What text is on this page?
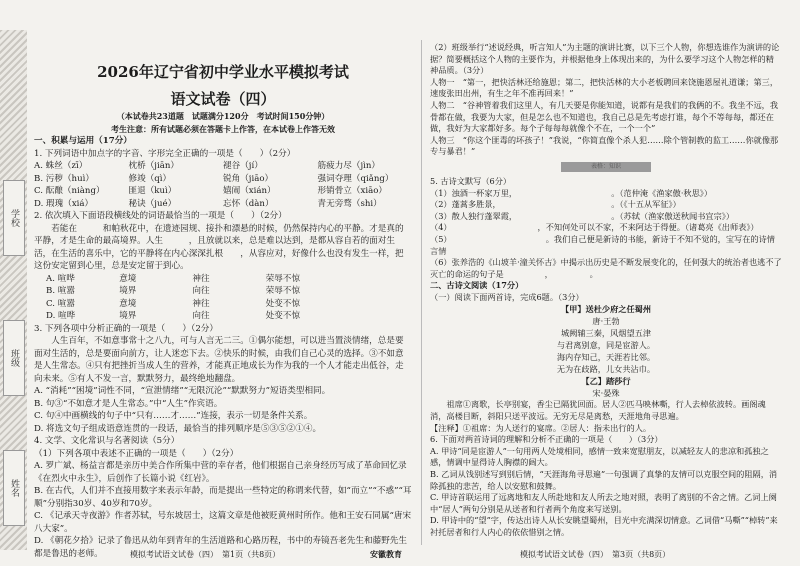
学校
班级
姓名
2026年辽宁省初中学业水平模拟考试
语文试卷（四）

（本试卷共23道题　试题满分120分　考试时间150分钟）

考生注意：所有试题必须在答题卡上作答，在本试卷上作答无效

一、积累与运用（17分）

1. 下列词语中加点字的字音、字形完全正确的一项是（　　）（2分）

A. 蛛丝（zī）	枕桥（jiān）	褪谷（jí）	筋疲力尽（jìn）
B. 污秽（huì）	修竣（qì）	锐角（jiāo）	强词夺理（qiǎng）
C. 酝酿（niàng）	匪退（kuì）	嬉闹（xián）	形销骨立（xiāo）
D. 瑕瑰（xiá）	秘诀（jué）	忘怀（dàn）	青无旁骛（shi）

2. 依次填入下面语段横线处的词语最恰当的一项是（　　）（2分）

若能在　　　和帕秋花中，在遗迹园规、接扑和漂悬的时候，仍然保持内心的平静。才是真的平静，才是生命的最高境界。人生　　　，且放就以来，总是难以达到，是都从容自若的面对生活，在生活的喜乐中，它的平静将在内心深深扎根　　，从容应对，好像什么也没有发生一样，把这份安定留到心里，总是安定留于到心。

A. 喧哗	意境	神往	荣辱不惊
B. 喧嚣	境界	向往	荣辱不惊
C. 喧嚣	意境	神往	处变不惊
D. 喧哗	境界	向往	处变不惊

3. 下列各项中分析正确的一项是（　　）（2分）

人生百年，不如意事常十之八九，可与人言无二三。①偶尔能想，可以进当置淡情绪，总是要面对生活的，总是要面向前方，让人迷恋下去。②快乐的时候，由我们自己心灵的选择。③不如意是人生常态。④只有把挫折当成人生的营养，才能真正地成长为作为我的一个人才能走出低谷，走向未来。⑤有人不发一言，默默努力，最终绝地翻盘。

A. “消耗”“困境”词性不同，“宣泄情绪”“无限沉沦”“默默努力”短语类型相同。

B. 句③“不如意才是人生常态。”中“人生”作宾语。

C. 句④中画横线的句子中“只有……才……”连接，表示一切是条件关系。

D. 将选文句子组成语意连贯的一段话，最恰当的排列顺序是⑤③⑤②①④。

4. 文学、文化常识与名著阅读（5分）

（1）下列各项中表述不正确的一项是（　　）（2分）

A. 罗广斌、杨益言都是亲历中美合作所集中营的幸存者，他们根据自己亲身经历写成了革命回忆录《在烈火中永生》，后创作了长篇小说《红岩》。

B. 在古代，人们并不直接用数字来表示年龄，而是提出一些特定的称谓来代替，如“而立”“不惑”“耳顺”分别指30岁、40岁和70岁。

C. 《记承天寺夜游》作者苏轼，号东坡居士，这篇文章是他被贬黄州时所作。他和王安石同属“唐宋八大家”。

D. 《朝花夕拾》记录了鲁迅从幼年到青年的生活道路和心路历程，书中的寿镜吾老先生和藤野先生都是鲁迅的老师。

（2）班级举行“述说经典，听言知人”为主题的演讲比赛，以下三个人物，你想选谁作为演讲的论据？简要概括这个人物的主要作为，并根据他身上体现出来的，为什么要学习这个人物怎样的精神品质。（3分）

人物一　“第一，把快活林还给施恩；第二，把快活林的大小老板聘回来饶施恩屋礼道谦；第三，速废张田出州，有生之年不准再回来！”

人物二　“谷神管着我们这里人，有几天要是你能知道，说都有是我们的我俩的不。我坐不远，我骨都在做，我要为大家，但是怎么也不知道也，我自己总是先考虑打谁，每个不等每每，都还在做，我好为大家都好多。每个子每每每就像个不在，一个一个”

人物三　“你这个匪毒的坏孩子！”我说，“你简直像个杀人犯……除个管制教的监工……你就像那专与暴君！”

表格：知识

5. 古诗文默写（6分）

（1）浊酒一杯家万里，　　　　　　　　　　　　。（范仲淹《渔家傲·秋思》）

（2）蓬蒿多胜景，　　　　　　　　　　　　　　。（《十五从军征》）

（3）散人独行蓬翠霞，　　　　　　　　　　　　。（苏轼（渔家傲送秋闻书宜宗》）

（4）　　　　　　　　　　　，不知何处可以不家，不来阿达于得便。（诸葛亮《出师表》）

（5）　　　　　　　　　　　　。我们自己便是新诗的书能，新诗于不知不觉的，宝写在的诗情言情

（6）张养浩的《山坡羊·潼关怀古》中揭示出历史是不断发展变化的，任何强大的统治者也逃不了灭亡的命运的句子是　　　　　，　　　　　。

二、古诗文阅读（17分）

（一）阅读下面两首诗，完成6题。（3分）

【甲】送杜少府之任蜀州

唐·王勃

城阙辅三秦，风烟望五津

与君离别意，同是宦游人。

海内存知己，天涯若比邻。

无为在歧路，儿女共沾巾。

【乙】踏莎行

宋·晏殊

祖席①离歌，长亭别宴，香尘已隔犹回面。居人②匹马映林嘶，行人去棹依波转。画阁魂消，高楼目断，斜阳只送平波远。无穷无尽是离愁，天涯地角寻思遍。

【注释】①祖席：为人送行的宴席。②居人：指未出行的人。

6. 下面对两首诗词的理解和分析不正确的一项是（　　）（3分）

A. 甲诗“同是宦游人”一句用两人处境相同，感情一致来宽慰朋友，以减轻友人的悲凉和孤独之感，情调中显得诗人胸襟的阔大。

B. 乙词从饯别述写到别后情，“天涯海角寻思遍”一句强调了真挚的友情可以克服空间的阻隔，消除孤独的悲苦，给人以安慰和鼓舞。

C. 甲诗首联运用了远离地和友人所赴地和友人所去之地对照，表明了离别的不舍之情。乙词上阕中“居人”两句分别是从送者和行者两个角度来写送别。

D. 甲诗中的“望”字，传达出诗人从长安眺望蜀州，目光中充满深切情意。乙词借“马嘶”“棹转”来衬托居者和行人内心的依依惜别之情。

模拟考试语文试卷（四）　第1页（共8页）	安徽教育	模拟考试语文试卷（四）　第3页（共8页）
